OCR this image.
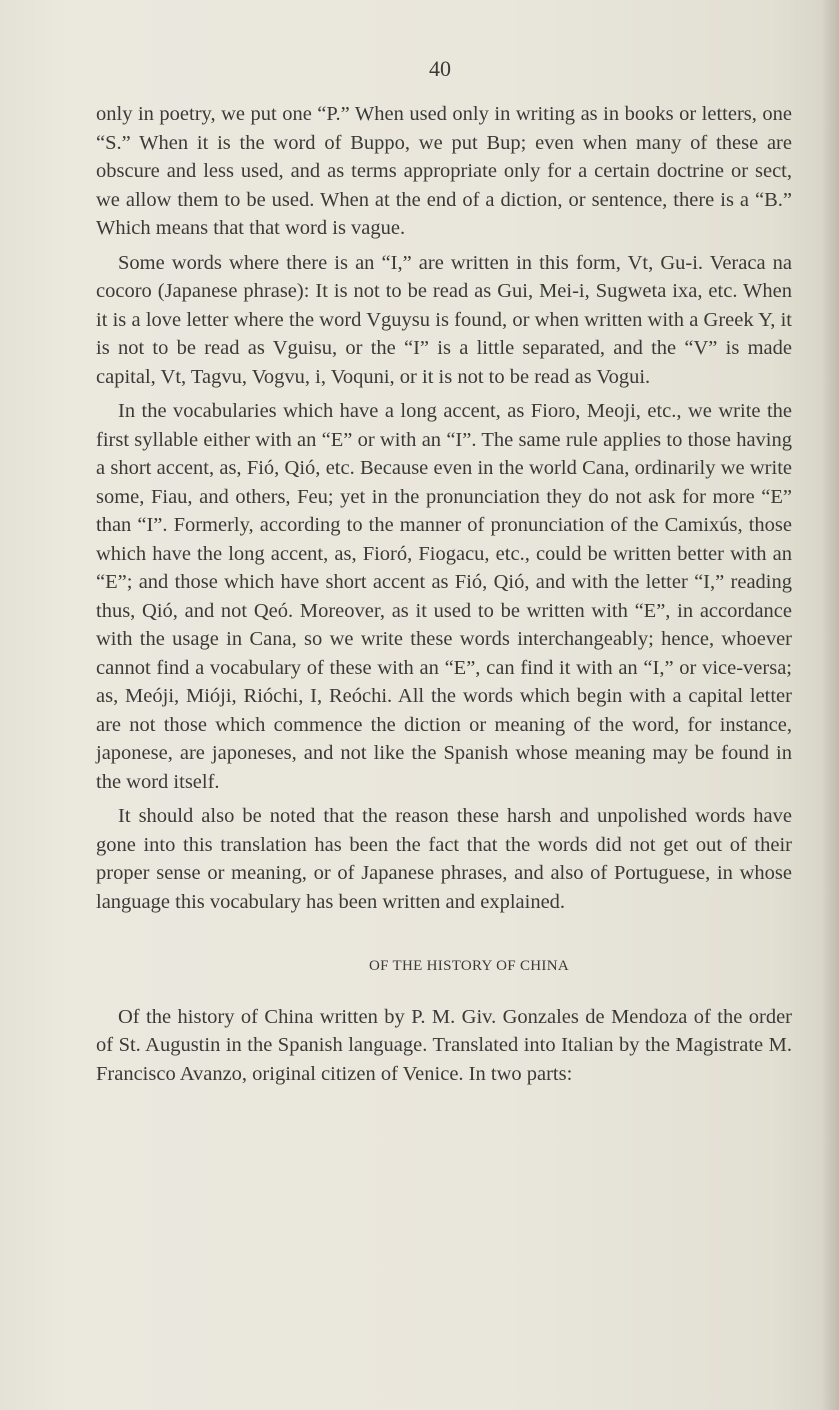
40

only in poetry, we put one “P.” When used only in writing as in books or letters, one “S.” When it is the word of Buppo, we put Bup; even when many of these are obscure and less used, and as terms appropriate only for a certain doctrine or sect, we allow them to be used. When at the end of a diction, or sentence, there is a “B.” Which means that that word is vague.

Some words where there is an “I,” are written in this form, Vt, Gu-i. Veraca na cocoro (Japanese phrase): It is not to be read as Gui, Mei-i, Sugweta ixa, etc. When it is a love letter where the word Vguysu is found, or when written with a Greek Y, it is not to be read as Vguisu, or the “I” is a little separated, and the “V” is made capital, Vt, Tagvu, Vogvu, i, Voquni, or it is not to be read as Vogui.

In the vocabularies which have a long accent, as Fioro, Meoji, etc., we write the first syllable either with an “E” or with an “I”. The same rule applies to those having a short accent, as, Fió, Qió, etc. Because even in the world Cana, ordinarily we write some, Fiau, and others, Feu; yet in the pronunciation they do not ask for more “E” than “I”. Formerly, according to the manner of pronunciation of the Camixús, those which have the long accent, as, Fioró, Fiogacu, etc., could be written better with an “E”; and those which have short accent as Fió, Qió, and with the letter “I,” reading thus, Qió, and not Qeó. Moreover, as it used to be written with “E”, in accordance with the usage in Cana, so we write these words interchangeably; hence, whoever cannot find a vocabulary of these with an “E”, can find it with an “I,” or vice-versa; as, Meóji, Mióji, Rióchi, I, Reóchi. All the words which begin with a capital letter are not those which commence the diction or meaning of the word, for instance, japonese, are japoneses, and not like the Spanish whose meaning may be found in the word itself.

It should also be noted that the reason these harsh and unpolished words have gone into this translation has been the fact that the words did not get out of their proper sense or meaning, or of Japanese phrases, and also of Portuguese, in whose language this vocabulary has been written and explained.

OF THE HISTORY OF CHINA

Of the history of China written by P. M. Giv. Gonzales de Mendoza of the order of St. Augustin in the Spanish language. Translated into Italian by the Magistrate M. Francisco Avanzo, original citizen of Venice. In two parts:
